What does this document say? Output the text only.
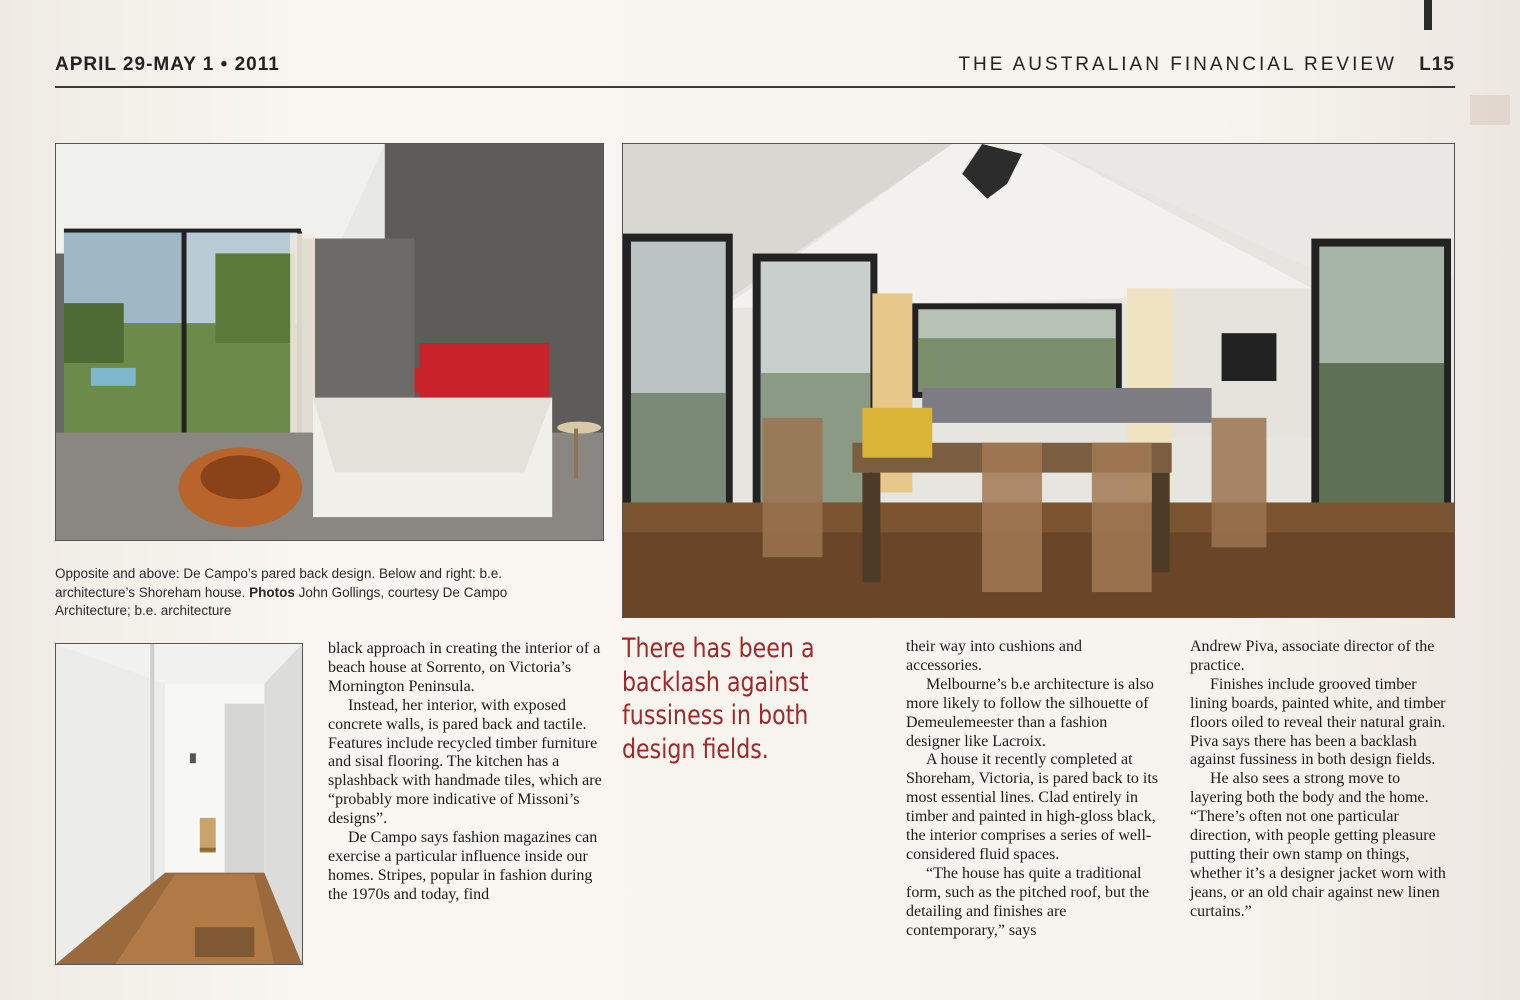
APRIL 29-MAY 1 • 2011	THE AUSTRALIAN FINANCIAL REVIEW L15
Opposite and above: De Campo’s pared back design. Below and right: b.e. architecture’s Shoreham house. Photos John Gollings, courtesy De Campo Architecture; b.e. architecture

black approach in creating the interior of a beach house at Sorrento, on Victoria’s Mornington Peninsula.

Instead, her interior, with exposed concrete walls, is pared back and tactile. Features include recycled timber furniture and sisal flooring. The kitchen has a splashback with handmade tiles, which are “probably more indicative of Missoni’s designs”.

De Campo says fashion magazines can exercise a particular influence inside our homes. Stripes, popular in fashion during the 1970s and today, find

There has been a backlash against fussiness in both design fields.

their way into cushions and accessories.

Melbourne’s b.e architecture is also more likely to follow the silhouette of Demeulemeester than a fashion designer like Lacroix.

A house it recently completed at Shoreham, Victoria, is pared back to its most essential lines. Clad entirely in timber and painted in high-gloss black, the interior comprises a series of well-considered fluid spaces.

“The house has quite a traditional form, such as the pitched roof, but the detailing and finishes are contemporary,” says

Andrew Piva, associate director of the practice.

Finishes include grooved timber lining boards, painted white, and timber floors oiled to reveal their natural grain. Piva says there has been a backlash against fussiness in both design fields.

He also sees a strong move to layering both the body and the home. “There’s often not one particular direction, with people getting pleasure putting their own stamp on things, whether it’s a designer jacket worn with jeans, or an old chair against new linen curtains.”
